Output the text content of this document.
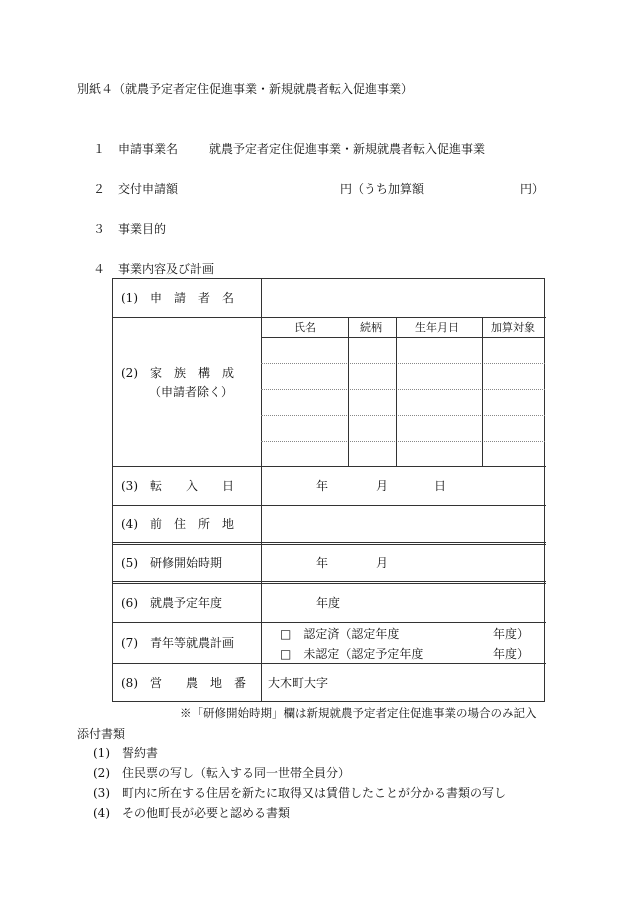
別紙４（就農予定者定住促進事業・新規就農者転入促進事業）
１ 申請事業名	就農予定者定住促進事業・新規就農者転入促進事業
２ 交付申請額	円（うち加算額	円）
３ 事業目的
４ 事業内容及び計画
(1)　申　請　者　名
(2)　家　族　構　成
（申請者除く）
氏名	続柄	生年月日	加算対象
(3)　転　　入　　日	年	月	日
(4)　前　住　所　地
(5)　研修開始時期	年	月
(6)　就農予定年度	年度
(7)　青年等就農計画
□　認定済（認定年度	年度）
□　未認定（認定予定年度	年度）
(8)　営　　農　地　番 大木町大字
※「研修開始時期」欄は新規就農予定者定住促進事業の場合のみ記入
添付書類
(1) 誓約書
(2) 住民票の写し（転入する同一世帯全員分）
(3) 町内に所在する住居を新たに取得又は賃借したことが分かる書類の写し
(4) その他町長が必要と認める書類
